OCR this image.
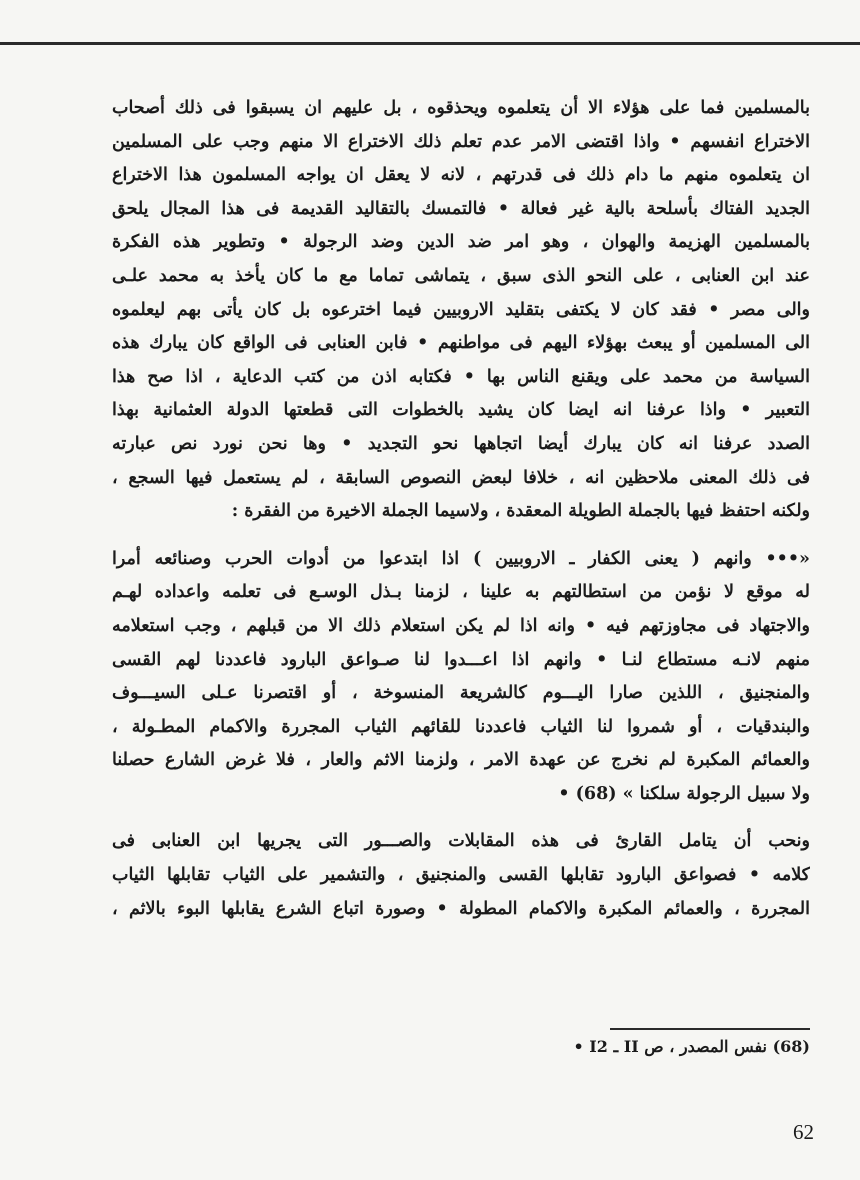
بالمسلمين فما على هؤلاء الا أن يتعلموه ويحذقوه ، بل عليهم ان يسبقوا فى ذلك أصحاب
الاختراع انفسهم • واذا اقتضى الامر عدم تعلم ذلك الاختراع الا منهم وجب على المسلمين
ان يتعلموه منهم ما دام ذلك فى قدرتهم ، لانه لا يعقل ان يواجه المسلمون هذا الاختراع
الجديد الفتاك بأسلحة بالية غير فعالة • فالتمسك بالتقاليد القديمة فى هذا المجال يلحق
بالمسلمين الهزيمة والهوان ، وهو امر ضد الدين وضد الرجولة • وتطوير هذه الفكرة
عند ابن العنابى ، على النحو الذى سبق ، يتماشى تماما مع ما كان يأخذ به محمد علـى
والى مصر • فقد كان لا يكتفى بتقليد الاروبيين فيما اخترعوه بل كان يأتى بهم ليعلموه
الى المسلمين أو يبعث بهؤلاء اليهم فى مواطنهم • فابن العنابى فى الواقع كان يبارك هذه
السياسة من محمد على ويقنع الناس بها • فكتابه اذن من كتب الدعاية ، اذا صح هذا
التعبير • واذا عرفنا انه ايضا كان يشيد بالخطوات التى قطعتها الدولة العثمانية بهذا
الصدد عرفنا انه كان يبارك أيضا اتجاهها نحو التجديد • وها نحن نورد نص عبارته
فى ذلك المعنى ملاحظين انه ، خلافا لبعض النصوص السابقة ، لم يستعمل فيها السجع ،
ولكنه احتفظ فيها بالجملة الطويلة المعقدة ، ولاسيما الجملة الاخيرة من الفقرة :
«••• وانهم ( يعنى الكفار ـ الاروبيين ) اذا ابتدعوا من أدوات الحرب وصنائعه أمرا
له موقع لا نؤمن من استطالتهم به علينا ، لزمنا بـذل الوسـع فى تعلمه واعداده لهـم
والاجتهاد فى مجاوزتهم فيه • وانه اذا لم يكن استعلام ذلك الا من قبلهم ، وجب استعلامه
منهم لانـه مستطاع لنـا • وانهم اذا اعـــدوا لنا صـواعق البارود فاعددنا لهم القسى
والمنجنيق ، اللذين صارا اليـــوم كالشريعة المنسوخة ، أو اقتصرنا عـلى السيـــوف
والبندقيات ، أو شمروا لنا الثياب فاعددنا للقائهم الثياب المجررة والاكمام المطـولة ،
والعمائم المكبرة لم نخرج عن عهدة الامر ، ولزمنا الاثم والعار ، فلا غرض الشارع حصلنا
ولا سبيل الرجولة سلكنا » (68) •
ونحب أن يتامل القارئ فى هذه المقابلات والصـــور التى يجريها ابن العنابى فى
كلامه • فصواعق البارود تقابلها القسى والمنجنيق ، والتشمير على الثياب تقابلها الثياب
المجررة ، والعمائم المكبرة والاكمام المطولة • وصورة اتباع الشرع يقابلها البوء بالاثم ،
(68) نفس المصدر ، ص II ـ I2 •
62
